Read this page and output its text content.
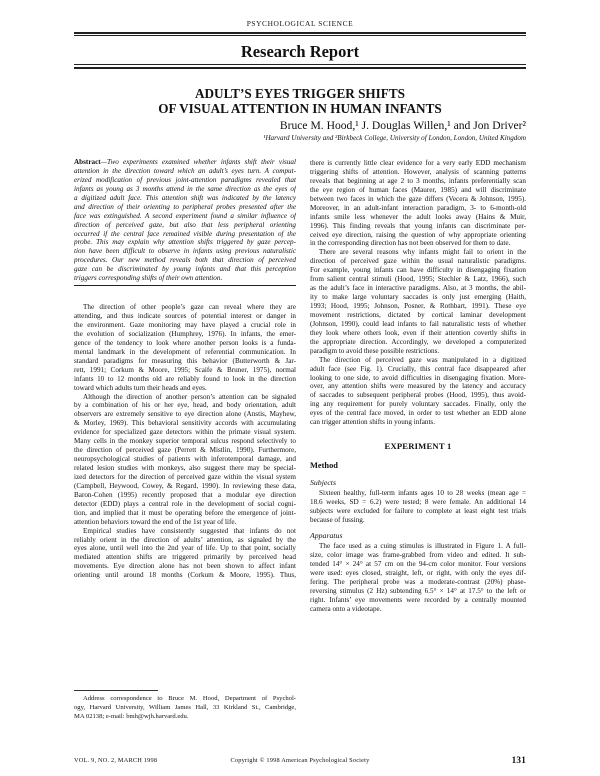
PSYCHOLOGICAL SCIENCE
Research Report
ADULT’S EYES TRIGGER SHIFTS
OF VISUAL ATTENTION IN HUMAN INFANTS
Bruce M. Hood,¹ J. Douglas Willen,¹ and Jon Driver²
¹Harvard University and ²Birkbeck College, University of London, London, United Kingdom
Abstract—Two experiments examined whether infants shift their visual
attention in the direction toward which an adult’s eyes turn. A comput-
erized modification of previous joint-attention paradigms revealed that
infants as young as 3 months attend in the same direction as the eyes of
a digitized adult face. This attention shift was indicated by the latency
and direction of their orienting to peripheral probes presented after the
face was extinguished. A second experiment found a similar influence of
direction of perceived gaze, but also that less peripheral orienting
occurred if the central face remained visible during presentation of the
probe. This may explain why attention shifts triggered by gaze percep-
tion have been difficult to observe in infants using previous naturalistic
procedures. Our new method reveals both that direction of perceived
gaze can be discriminated by young infants and that this perception
triggers corresponding shifts of their own attention.
The direction of other people’s gaze can reveal where they are
attending, and thus indicate sources of potential interest or danger in
the environment. Gaze monitoring may have played a crucial role in
the evolution of socialization (Humphrey, 1976). In infants, the emer-
gence of the tendency to look where another person looks is a funda-
mental landmark in the development of referential communication. In
standard paradigms for measuring this behavior (Butterworth & Jar-
rett, 1991; Corkum & Moore, 1995; Scaife & Bruner, 1975), normal
infants 10 to 12 months old are reliably found to look in the direction
toward which adults turn their heads and eyes.
Although the direction of another person’s attention can be signaled
by a combination of his or her eye, head, and body orientation, adult
observers are extremely sensitive to eye direction alone (Anstis, Mayhew,
& Morley, 1969). This behavioral sensitivity accords with accumulating
evidence for specialized gaze detectors within the primate visual system.
Many cells in the monkey superior temporal sulcus respond selectively to
the direction of perceived gaze (Perrett & Mistlin, 1990). Furthermore,
neuropsychological studies of patients with inferotemporal damage, and
related lesion studies with monkeys, also suggest there may be special-
ized detectors for the direction of perceived gaze within the visual system
(Campbell, Heywood, Cowey, & Regard, 1990). In reviewing these data,
Baron-Cohen (1995) recently proposed that a modular eye direction
detector (EDD) plays a central role in the development of social cogni-
tion, and implied that it must be operating before the emergence of joint-
attention behaviors toward the end of the 1st year of life.
Empirical studies have consistently suggested that infants do not
reliably orient in the direction of adults’ attention, as signaled by the
eyes alone, until well into the 2nd year of life. Up to that point, socially
mediated attention shifts are triggered primarily by perceived head
movements. Eye direction alone has not been shown to affect infant
orienting until around 18 months (Corkum & Moore, 1995). Thus,
Address correspondence to Bruce M. Hood, Department of Psychol-
ogy, Harvard University, William James Hall, 33 Kirkland St., Cambridge,
MA 02138; e-mail: bmh@wjh.harvard.edu.
there is currently little clear evidence for a very early EDD mechanism
triggering shifts of attention. However, analysis of scanning patterns
reveals that beginning at age 2 to 3 months, infants preferentially scan
the eye region of human faces (Maurer, 1985) and will discriminate
between two faces in which the gaze differs (Vecera & Johnson, 1995).
Moreover, in an adult-infant interaction paradigm, 3- to 6-month-old
infants smile less whenever the adult looks away (Hains & Muir,
1996). This finding reveals that young infants can discriminate per-
ceived eye direction, raising the question of why appropriate orienting
in the corresponding direction has not been observed for them to date.
There are several reasons why infants might fail to orient in the
direction of perceived gaze within the usual naturalistic paradigms.
For example, young infants can have difficulty in disengaging fixation
from salient central stimuli (Hood, 1995; Stechler & Latz, 1966), such
as the adult’s face in interactive paradigms. Also, at 3 months, the abil-
ity to make large voluntary saccades is only just emerging (Haith,
1993; Hood, 1995; Johnson, Posner, & Rothbart, 1991). These eye
movement restrictions, dictated by cortical laminar development
(Johnson, 1990), could lead infants to fail naturalistic tests of whether
they look where others look, even if their attention covertly shifts in
the appropriate direction. Accordingly, we developed a computerized
paradigm to avoid these possible restrictions.
The direction of perceived gaze was manipulated in a digitized
adult face (see Fig. 1). Crucially, this central face disappeared after
looking to one side, to avoid difficulties in disengaging fixation. More-
over, any attention shifts were measured by the latency and accuracy
of saccades to subsequent peripheral probes (Hood, 1995), thus avoid-
ing any requirement for purely voluntary saccades. Finally, only the
eyes of the central face moved, in order to test whether an EDD alone
can trigger attention shifts in young infants.
EXPERIMENT 1
Method
Subjects
Sixteen healthy, full-term infants ages 10 to 28 weeks (mean age =
18.6 weeks, SD = 6.2) were tested; 8 were female. An additional 14
subjects were excluded for failure to complete at least eight test trials
because of fussing.
Apparatus
The face used as a cuing stimulus is illustrated in Figure 1. A full-
size, color image was frame-grabbed from video and edited. It sub-
tended 14° × 24° at 57 cm on the 94-cm color monitor. Four versions
were used: eyes closed, straight, left, or right, with only the eyes dif-
fering. The peripheral probe was a moderate-contrast (20%) phase-
reversing stimulus (2 Hz) subtending 6.5° × 14° at 17.5° to the left or
right. Infants’ eye movements were recorded by a centrally mounted
camera onto a videotape.
VOL. 9, NO. 2, MARCH 1998	Copyright © 1998 American Psychological Society	131
